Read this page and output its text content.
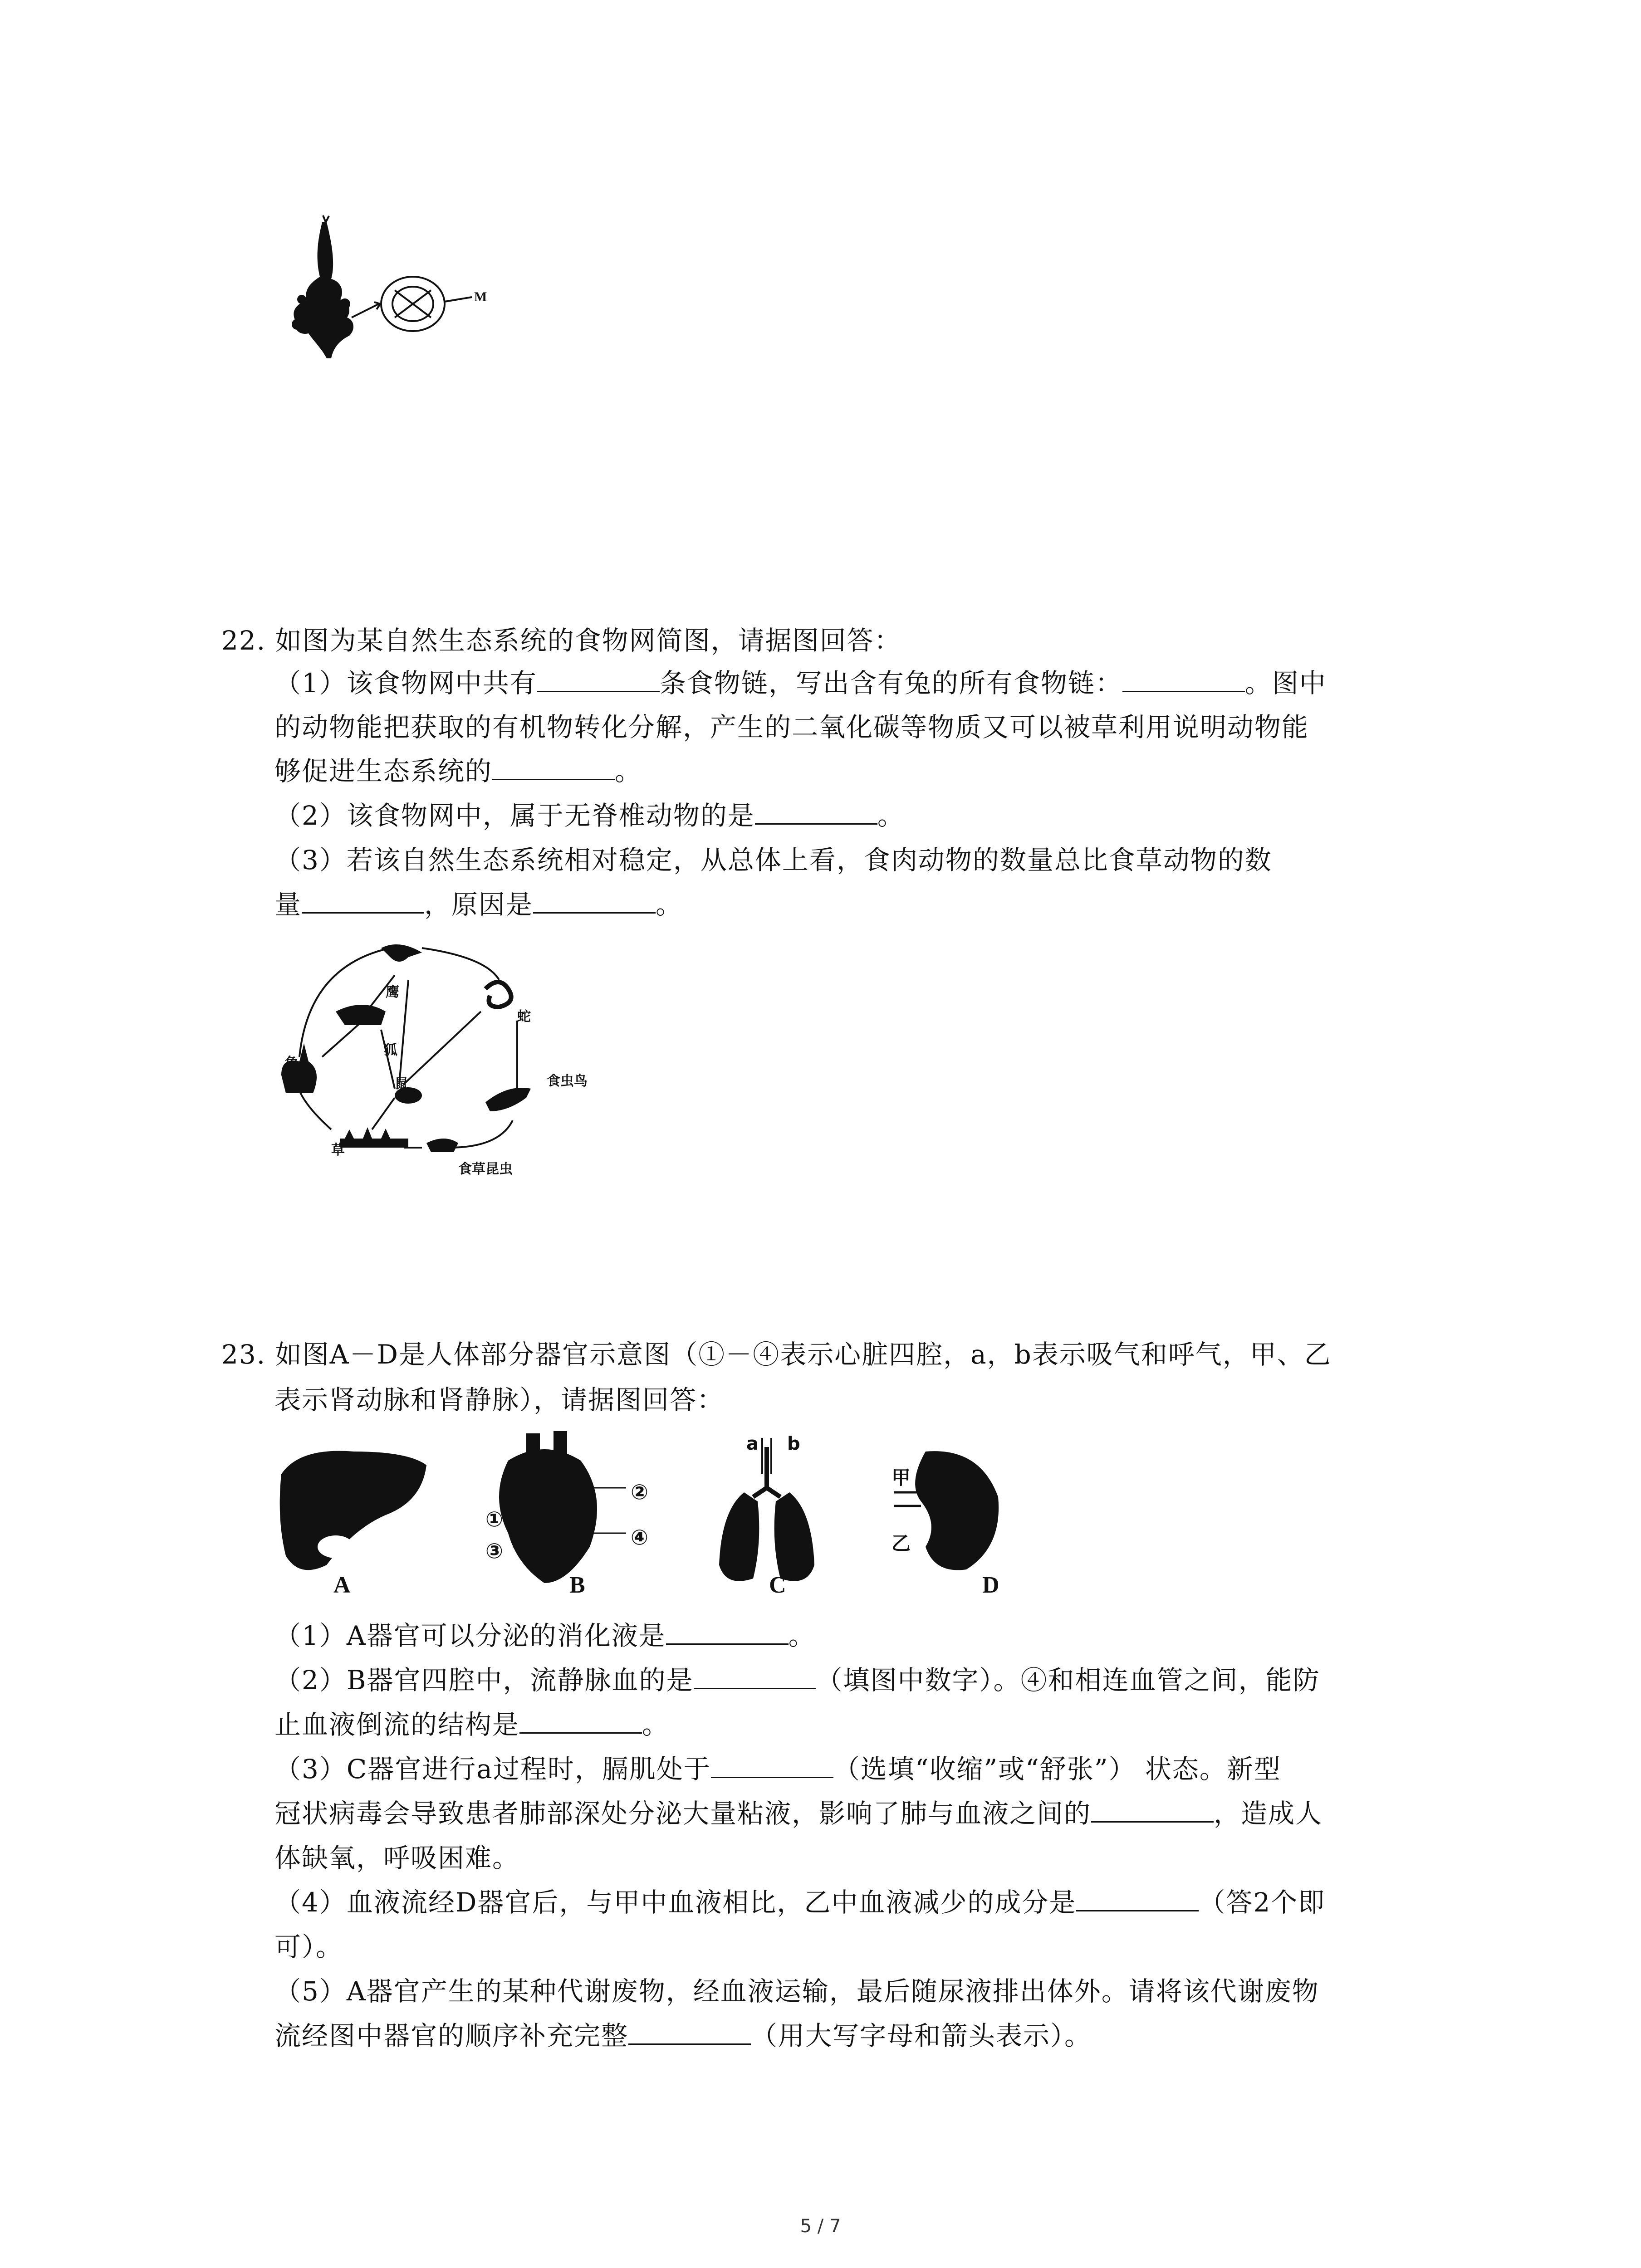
M
22. 如图为某自然生态系统的食物网简图，请据图回答：
（1）该食物网中共有	条食物链，写出含有兔的所有食物链：	。图中
的动物能把获取的有机物转化分解，产生的二氧化碳等物质又可以被草利用说明动物能
够促进生态系统的	。
（2）该食物网中，属于无脊椎动物的是	。
（3）若该自然生态系统相对稳定，从总体上看，食肉动物的数量总比食草动物的数
量	，原因是	。
鹰
蛇
狐
兔
鼠	食虫鸟
草
食草昆虫
23. 如图A－D是人体部分器官示意图（①－④表示心脏四腔，a，b表示吸气和呼气，甲、乙
表示肾动脉和肾静脉），请据图回答：
①
②
③
④
a b
甲
乙
A	B	C	D
（1）A器官可以分泌的消化液是	。
（2）B器官四腔中，流静脉血的是	（填图中数字）。④和相连血管之间，能防
止血液倒流的结构是	。
（3）C器官进行a过程时，膈肌处于	（选填“收缩”或“舒张”） 状态。新型
冠状病毒会导致患者肺部深处分泌大量粘液，影响了肺与血液之间的	，造成人
体缺氧，呼吸困难。
（4）血液流经D器官后，与甲中血液相比，乙中血液减少的成分是	（答2个即
可）。
（5）A器官产生的某种代谢废物，经血液运输，最后随尿液排出体外。请将该代谢废物
流经图中器官的顺序补充完整	（用大写字母和箭头表示）。
5 / 7
